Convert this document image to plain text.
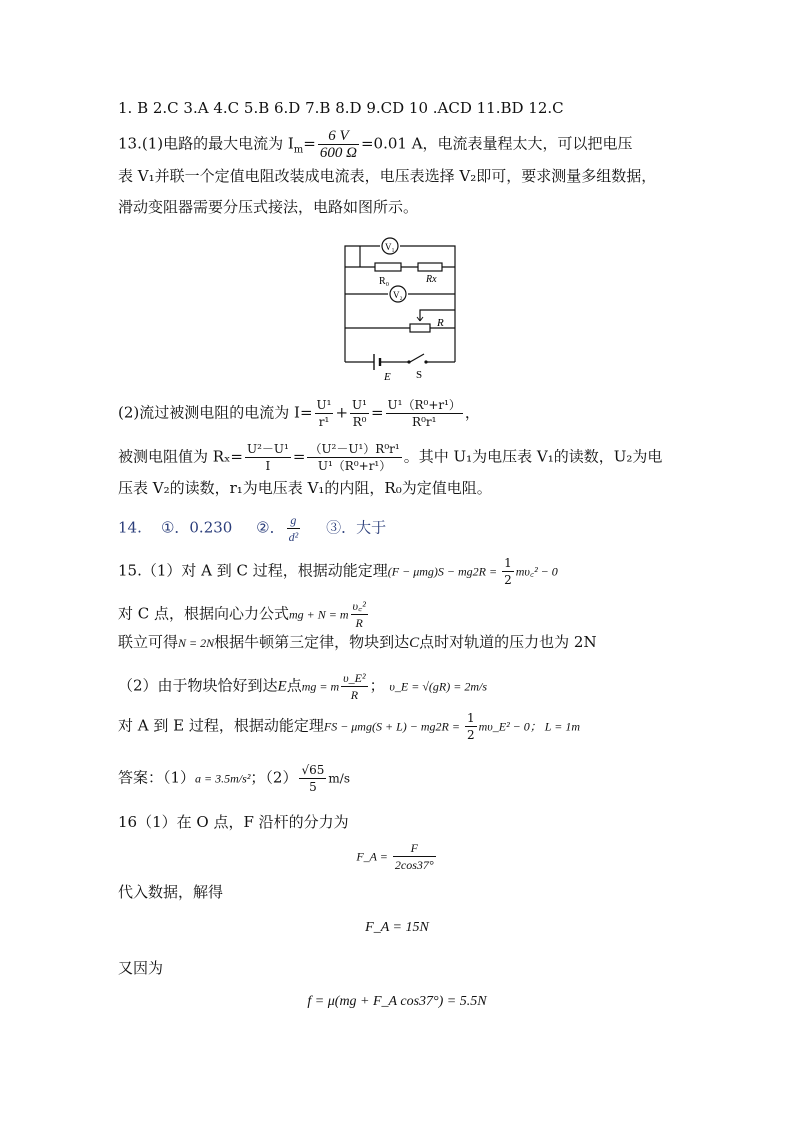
1. B 2.C 3.A 4.C 5.B 6.D 7.B 8.D 9.CD 10 .ACD 11.BD 12.C
13.(1)电路的最大电流为 $I_m= \frac{6 V}{600 \Omega} =0.01$ A，电流表量程太大，可以把电压
表 V₁并联一个定值电阻改装成电流表，电压表选择 V₂即可，要求测量多组数据，
滑动变阻器需要分压式接法，电路如图所示。
V₁
Rx
R₀
V₂
R
E S
(2)流过被测电阻的电流为 $I= \frac{\text{U¹}}{\text{r¹}} + \frac{\text{U¹}}{\text{R⁰}} = \frac{\text{U¹（R⁰+r¹）}}{\text{R⁰r¹}}$ ，
被测电阻值为 $R_x= \frac{\text{U²－U¹}}{I} = \frac{\text{（U²－U¹）R⁰r¹}}{\text{U¹（R⁰+r¹）}}$ 。其中 U₁为电压表 V₁的读数，U₂为电
压表 V₂的读数，r₁为电压表 V₁的内阻，R₀为定值电阻。
14. ①．0.230 ②． $\frac{g}{\text{d²}}$ ③．大于
15.（1）对 A 到 C 过程，根据动能定理$(F - \mu mg)S - mg2R = \frac{1}{2}$ mυ꜀² − 0
对 C 点，根据向心力公式mg + N = m $\frac{\text{υ꜀²}}{R}$
联立可得N = 2N根据牛顿第三定律，物块到达C点时对轨道的压力也为 2N
（2）由于物块恰好到达E点mg = m $\frac{\text{υ\_E²}}{R}$ ； υ_E = √(gR) = 2m/s
对 A 到 E 过程，根据动能定理FS − $\mu mg(S + L) - mg2R = \frac{1}{2}$ mυ_E² − 0； L = 1m
答案：（1）a = 3.5m/s²；$(2) \frac{√65}{5} m/s$
16（1）在 O 点，F 沿杆的分力为
F_A = $\frac{F}{2\cos 37^\circ}$
代入数据，解得
F_A = 15N
又因为
f = μ(mg + F_A cos37°) = 5.5N
